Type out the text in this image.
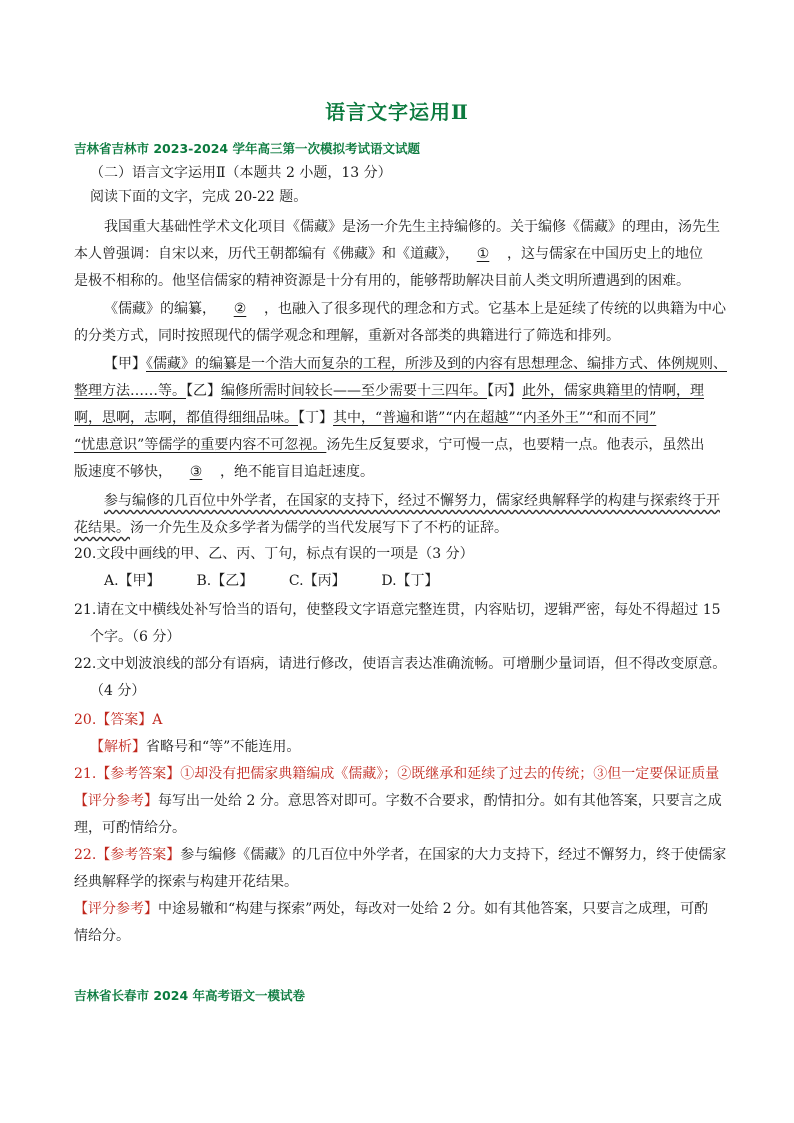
语言文字运用Ⅱ
吉林省吉林市 2023-2024 学年高三第一次模拟考试语文试题
（二）语言文字运用Ⅱ（本题共 2 小题，13 分）
阅读下面的文字，完成 20-22 题。
我国重大基础性学术文化项目《儒藏》是汤一介先生主持编修的。关于编修《儒藏》的理由，汤先生
本人曾强调：自宋以来，历代王朝都编有《佛藏》和《道藏》， ① ，这与儒家在中国历史上的地位
是极不相称的。他坚信儒家的精神资源是十分有用的，能够帮助解决目前人类文明所遭遇到的困难。
《儒藏》的编纂， ② ，也融入了很多现代的理念和方式。它基本上是延续了传统的以典籍为中心
的分类方式，同时按照现代的儒学观念和理解，重新对各部类的典籍进行了筛选和排列。
【甲】《儒藏》的编纂是一个浩大而复杂的工程，所涉及到的内容有思想理念、编排方式、体例规则、
整理方法……等。【乙】编修所需时间较长——至少需要十三四年。【丙】此外，儒家典籍里的情啊，理
啊，思啊，志啊，都值得细细品味。【丁】其中，“普遍和谐”“内在超越”“内圣外王”“和而不同”
“忧患意识”等儒学的重要内容不可忽视。汤先生反复要求，宁可慢一点，也要精一点。他表示，虽然出
版速度不够快， ③ ，绝不能盲目追赶速度。
参与编修的几百位中外学者，在国家的支持下，经过不懈努力，儒家经典解释学的构建与探索终于开
花结果。汤一介先生及众多学者为儒学的当代发展写下了不朽的证辞。
20.文段中画线的甲、乙、丙、丁句，标点有误的一项是（3 分）
A.【甲】	B.【乙】	C.【丙】	D.【丁】
21.请在文中横线处补写恰当的语句，使整段文字语意完整连贯，内容贴切，逻辑严密，每处不得超过 15
个字。（6 分）
22.文中划波浪线的部分有语病，请进行修改，使语言表达准确流畅。可增删少量词语，但不得改变原意。
（4 分）
20.【答案】A
【解析】省略号和“等”不能连用。
21.【参考答案】①却没有把儒家典籍编成《儒藏》；②既继承和延续了过去的传统；③但一定要保证质量
【评分参考】每写出一处给 2 分。意思答对即可。字数不合要求，酌情扣分。如有其他答案，只要言之成
理，可酌情给分。
22.【参考答案】参与编修《儒藏》的几百位中外学者，在国家的大力支持下，经过不懈努力，终于使儒家
经典解释学的探索与构建开花结果。
【评分参考】中途易辙和“构建与探索”两处，每改对一处给 2 分。如有其他答案，只要言之成理，可酌
情给分。
吉林省长春市 2024 年高考语文一模试卷
